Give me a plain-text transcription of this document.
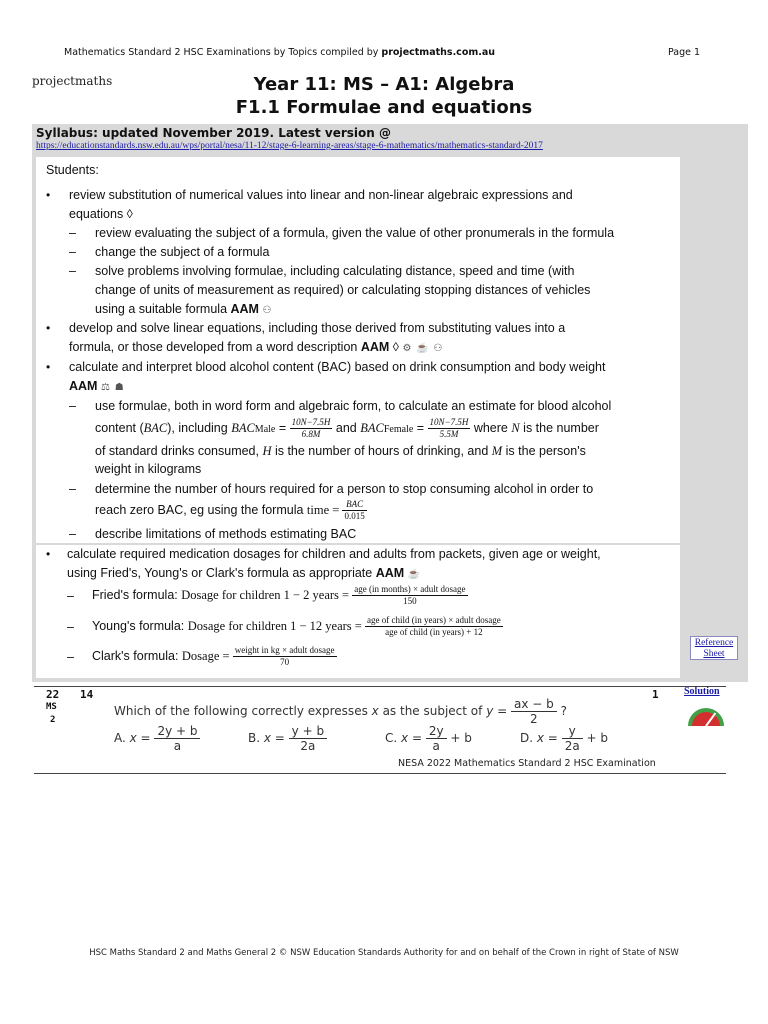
Mathematics Standard 2 HSC Examinations by Topics compiled by projectmaths.com.au	Page 1
projectmaths	Year 11: MS – A1: Algebra
F1.1 Formulae and equations
Syllabus: updated November 2019. Latest version @
https://educationstandards.nsw.edu.au/wps/portal/nesa/11-12/stage-6-learning-areas/stage-6-mathematics/mathematics-standard-2017
Students:
• review substitution of numerical values into linear and non-linear algebraic expressions and
equations ◊
– review evaluating the subject of a formula, given the value of other pronumerals in the formula
– change the subject of a formula
– solve problems involving formulae, including calculating distance, speed and time (with
change of units of measurement as required) or calculating stopping distances of vehicles
using a suitable formula AAM ⚇
• develop and solve linear equations, including those derived from substituting values into a
formula, or those developed from a word description AAM ◊ ⚙ ☕ ⚇
• calculate and interpret blood alcohol content (BAC) based on drink consumption and body weight
AAM ⚖ ☗
– use formulae, both in word form and algebraic form, to calculate an estimate for blood alcohol
content (BAC), including BACMale = $\frac{10N-7.5H}{6.8M}$ and BACFemale = $\frac{10N-7.5H}{5.5M}$ where N is the number
of standard drinks consumed, H is the number of hours of drinking, and M is the person's
weight in kilograms
– determine the number of hours required for a person to stop consuming alcohol in order to
reach zero BAC, eg using the formula time = $\frac{\text{BAC}}{0.015}$
– describe limitations of methods estimating BAC
• calculate required medication dosages for children and adults from packets, given age or weight,
using Fried's, Young's or Clark's formula as appropriate AAM ☕
– Fried's formula: Dosage for children 1 − 2 years = $\frac{\text{age (in months) × adult dosage}}{150}$
– Young's formula: Dosage for children 1 − 12 years = $\frac{\text{age of child (in years) × adult dosage}}{\text{age of child (in years) + 12}}$
– Clark's formula: Dosage = $\frac{\text{weight in kg × adult dosage}}{70}$
Reference Sheet
22
MS
2
14
Which of the following correctly expresses x as the subject of $y = \frac{ax - b}{2}$ ?
1	Solution
A. $x = \frac{2y + b}{a}$	B. $x = \frac{y + b}{2a}$	C. $x = \frac{2y}{a} + b$	D. $x = \frac{y}{2a} + b$
NESA 2022 Mathematics Standard 2 HSC Examination
HSC Maths Standard 2 and Maths General 2 © NSW Education Standards Authority for and on behalf of the Crown in right of State of NSW
